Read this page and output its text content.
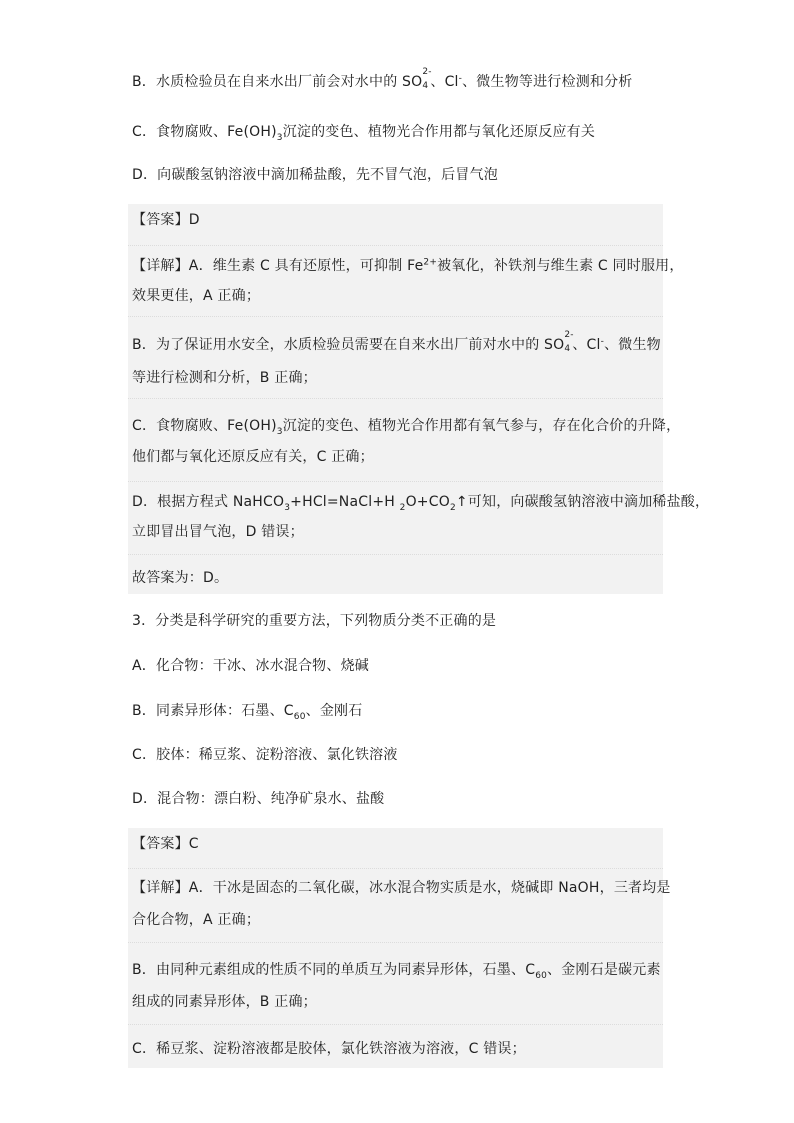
B．水质检验员在自来水出厂前会对水中的 SO
2-
4 、Cl-、微生物等进行检测和分析
C．食物腐败、$Fe(OH)_3$沉淀的变色、植物光合作用都与氧化还原反应有关
D．向碳酸氢钠溶液中滴加稀盐酸，先不冒气泡，后冒气泡
【答案】D
【详解】A．维生素 C 具有还原性，可抑制 $Fe^{2+}$被氧化，补铁剂与维生素 C 同时服用，
效果更佳，A 正确；
B．为了保证用水安全，水质检验员需要在自来水出厂前对水中的 SO
2-
4 、Cl-、微生物
等进行检测和分析，B 正确；
C．食物腐败、$Fe(OH)_3$沉淀的变色、植物光合作用都有氧气参与，存在化合价的升降，
他们都与氧化还原反应有关，C 正确；
D．根据方程式 NaHCO$_3$+HCl=NaCl+H $_2O+CO_2↑$可知，向碳酸氢钠溶液中滴加稀盐酸，
立即冒出冒气泡，D 错误；
故答案为：D。
3．分类是科学研究的重要方法，下列物质分类不正确的是
A．化合物：干冰、冰水混合物、烧碱
B．同素异形体：石墨、$C_{60}$、金刚石
C．胶体：稀豆浆、淀粉溶液、氯化铁溶液
D．混合物：漂白粉、纯净矿泉水、盐酸
【答案】C
【详解】A．干冰是固态的二氧化碳，冰水混合物实质是水，烧碱即 NaOH，三者均是
合化合物，A 正确；
B．由同种元素组成的性质不同的单质互为同素异形体，石墨、$C_{60}$、金刚石是碳元素
组成的同素异形体，B 正确；
C．稀豆浆、淀粉溶液都是胶体，氯化铁溶液为溶液，C 错误；
